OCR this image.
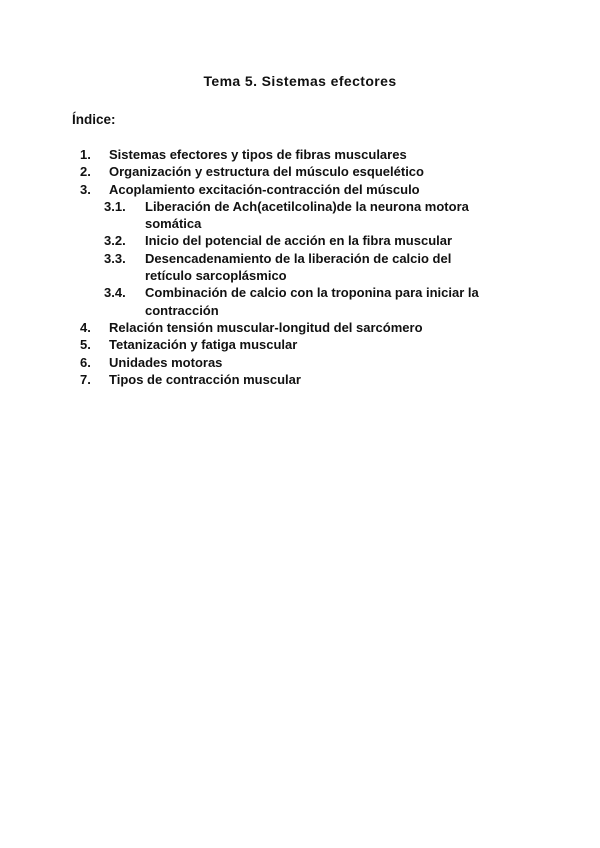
Tema 5. Sistemas efectores
Índice:
1. Sistemas efectores y tipos de fibras musculares
2. Organización y estructura del músculo esquelético
3. Acoplamiento excitación-contracción del músculo
3.1. Liberación de Ach(acetilcolina)de la neurona motora somática
3.2. Inicio del potencial de acción en la fibra muscular
3.3. Desencadenamiento de la liberación de calcio del retículo sarcoplásmico
3.4. Combinación de calcio con la troponina para iniciar la contracción
4. Relación tensión muscular-longitud del sarcómero
5. Tetanización y fatiga muscular
6. Unidades motoras
7. Tipos de contracción muscular
